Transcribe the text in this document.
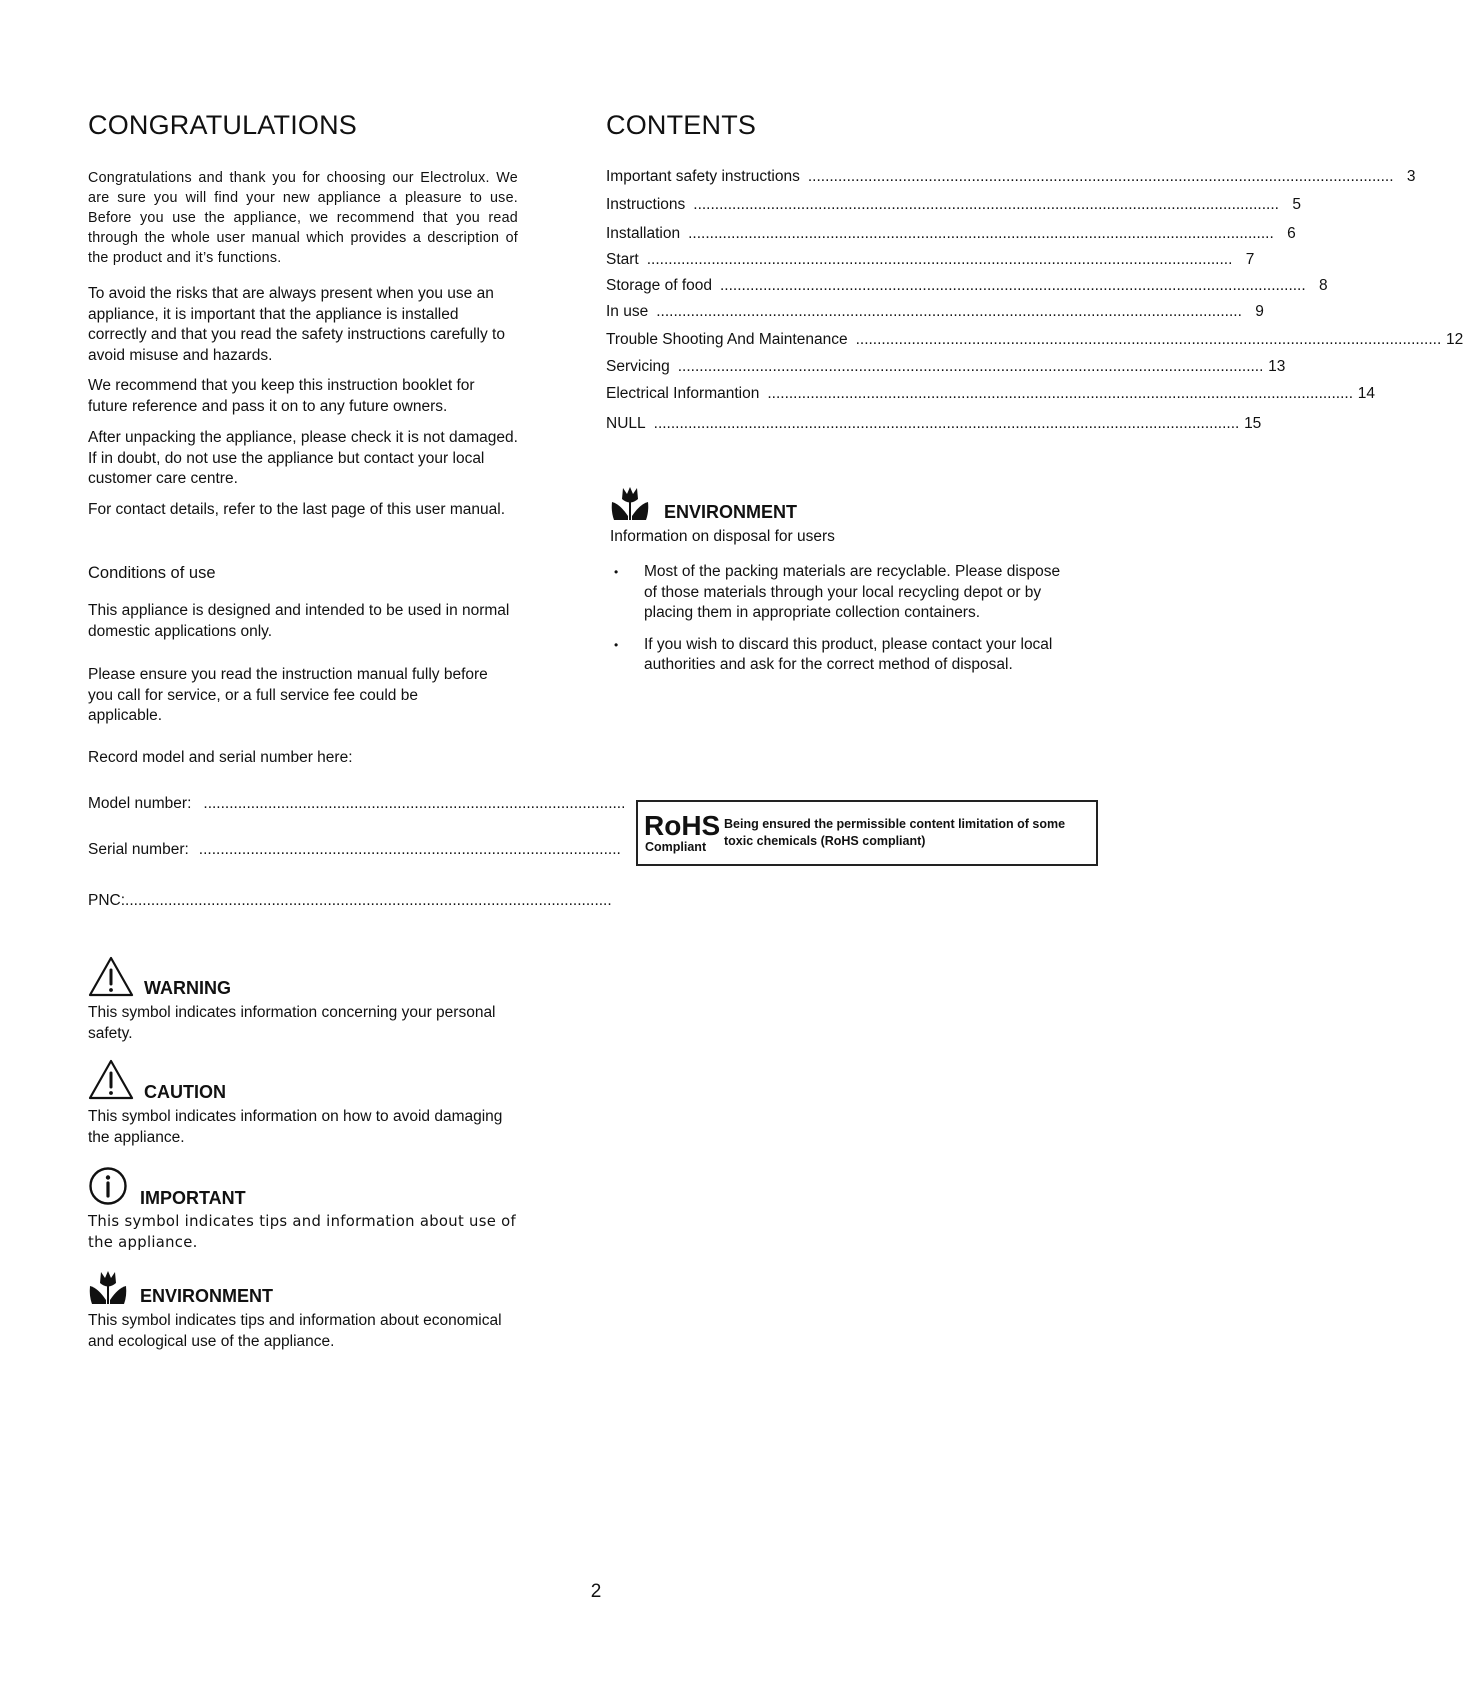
CONGRATULATIONS

Congratulations and thank you for choosing our Electrolux. We are sure you will find your new appliance a pleasure to use. Before you use the appliance, we recommend that you read through the whole user manual which provides a description of the product and it’s functions.

To avoid the risks that are always present when you use an appliance, it is important that the appliance is installed correctly and that you read the safety instructions carefully to avoid misuse and hazards.

We recommend that you keep this instruction booklet for future reference and pass it on to any future owners.

After unpacking the appliance, please check it is not damaged. If in doubt, do not use the appliance but contact your local customer care centre.

For contact details, refer to the last page of this user manual.

Conditions of use

This appliance is designed and intended to be used in normal domestic applications only.

Please ensure you read the instruction manual fully before you call for service, or a full service fee could be applicable.

Record model and serial number here:

Model number: ..................................................................................................
Serial number: ..................................................................................................
PNC: .................................................................................................................
WARNING

This symbol indicates information concerning your personal safety.

CAUTION

This symbol indicates information on how to avoid damaging the appliance.

IMPORTANT

This symbol indicates tips and information about use of the appliance.

ENVIRONMENT

This symbol indicates tips and information about economical and ecological use of the appliance.

CONTENTS
Important safety instructions ........................................................................................................................................ 3
Instructions ........................................................................................................................................ 5
Installation ........................................................................................................................................ 6
Start ........................................................................................................................................ 7
Storage of food ........................................................................................................................................ 8
In use ........................................................................................................................................ 9
Trouble Shooting And Maintenance ........................................................................................................................................ 12
Servicing ........................................................................................................................................ 13
Electrical Informantion ........................................................................................................................................ 14
NULL ........................................................................................................................................ 15
ENVIRONMENT

Information on disposal for users

• Most of the packing materials are recyclable. Please dispose of those materials through your local recycling depot or by placing them in appropriate collection containers.
• If you wish to discard this product, please contact your local authorities and ask for the correct method of disposal.
RoHS
Compliant
Being ensured the permissible content limitation of some toxic chemicals (RoHS compliant)
2
